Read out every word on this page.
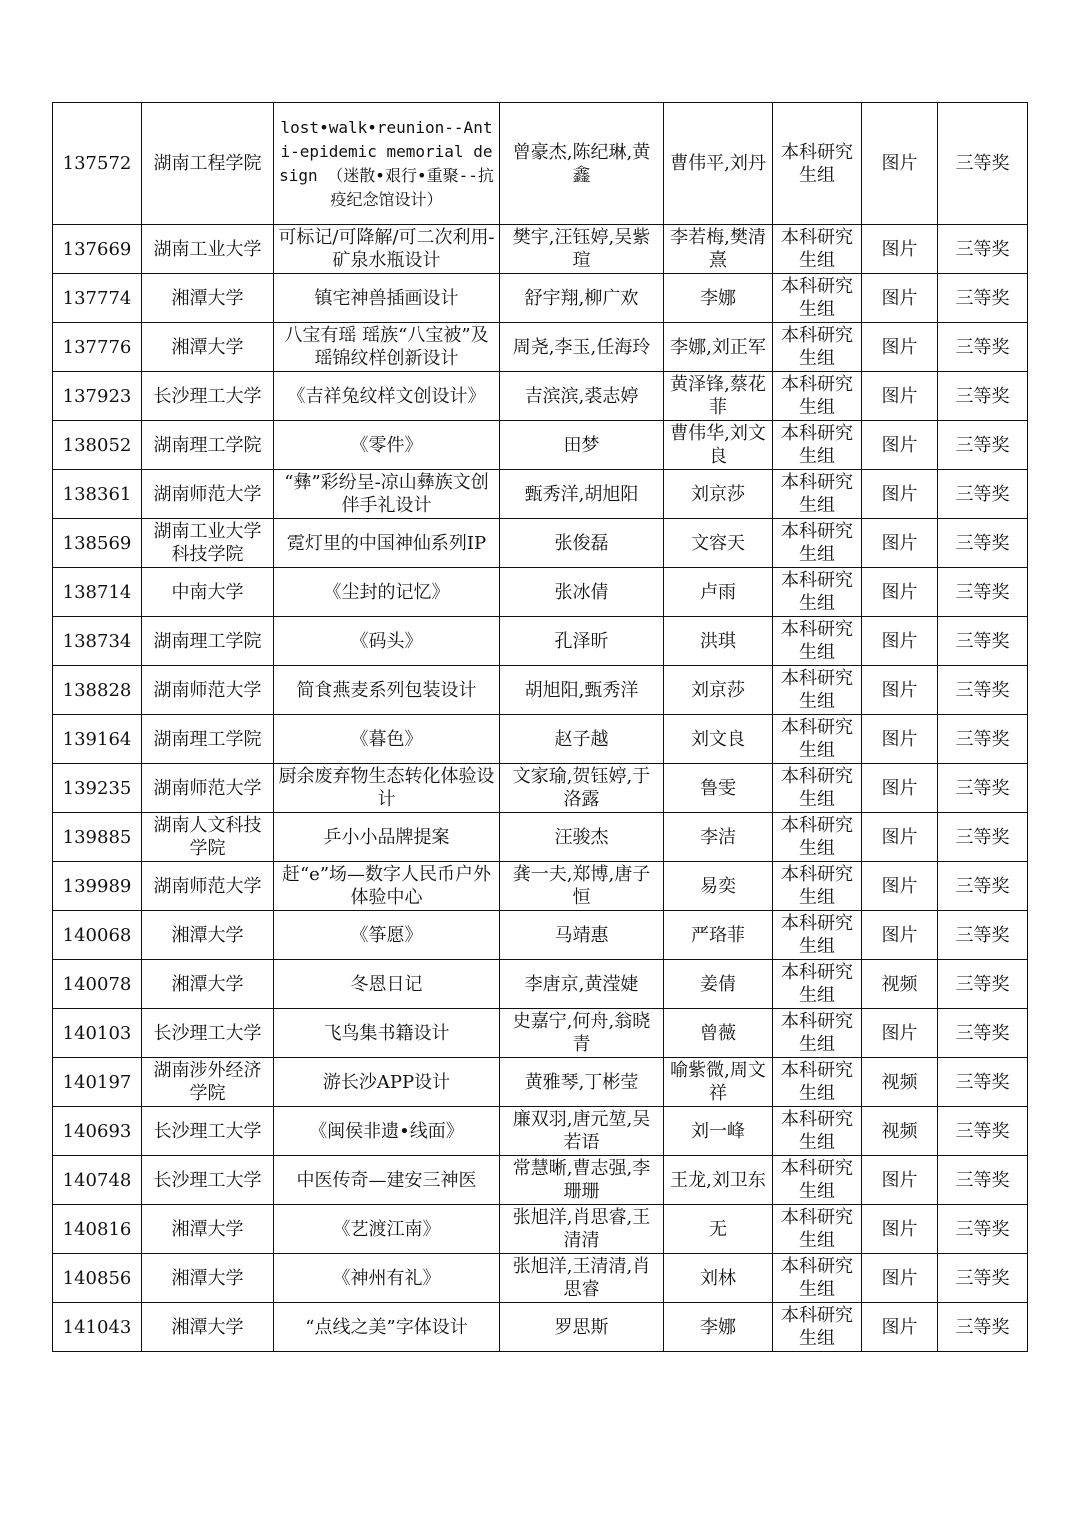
137572	湖南工程学院	lost•walk•reunion--Anti-epidemic memorial design （迷散•艰行•重聚--抗疫纪念馆设计）	曾豪杰,陈纪琳,黄鑫	曹伟平,刘丹	本科研究生组	图片	三等奖
137669	湖南工业大学	可标记/可降解/可二次利用-矿泉水瓶设计	樊宇,汪钰婷,吴紫瑄	李若梅,樊清熹	本科研究生组	图片	三等奖
137774	湘潭大学	镇宅神兽插画设计	舒宇翔,柳广欢	李娜	本科研究生组	图片	三等奖
137776	湘潭大学	八宝有瑶 瑶族“八宝被”及瑶锦纹样创新设计	周尧,李玉,任海玲	李娜,刘正军	本科研究生组	图片	三等奖
137923	长沙理工大学	《吉祥兔纹样文创设计》	吉滨滨,裘志婷	黄泽锋,蔡花菲	本科研究生组	图片	三等奖
138052	湖南理工学院	《零件》	田梦	曹伟华,刘文良	本科研究生组	图片	三等奖
138361	湖南师范大学	“彝”彩纷呈-凉山彝族文创伴手礼设计	甄秀洋,胡旭阳	刘京莎	本科研究生组	图片	三等奖
138569	湖南工业大学科技学院	霓灯里的中国神仙系列IP	张俊磊	文容天	本科研究生组	图片	三等奖
138714	中南大学	《尘封的记忆》	张冰倩	卢雨	本科研究生组	图片	三等奖
138734	湖南理工学院	《码头》	孔泽昕	洪琪	本科研究生组	图片	三等奖
138828	湖南师范大学	简食燕麦系列包装设计	胡旭阳,甄秀洋	刘京莎	本科研究生组	图片	三等奖
139164	湖南理工学院	《暮色》	赵子越	刘文良	本科研究生组	图片	三等奖
139235	湖南师范大学	厨余废弃物生态转化体验设计	文家瑜,贺钰婷,于洛露	鲁雯	本科研究生组	图片	三等奖
139885	湖南人文科技学院	乒小小品牌提案	汪骏杰	李洁	本科研究生组	图片	三等奖
139989	湖南师范大学	赶“e”场—数字人民币户外体验中心	龚一夫,郑博,唐子恒	易奕	本科研究生组	图片	三等奖
140068	湘潭大学	《筝愿》	马靖惠	严珞菲	本科研究生组	图片	三等奖
140078	湘潭大学	冬恩日记	李唐京,黄滢婕	姜倩	本科研究生组	视频	三等奖
140103	长沙理工大学	飞鸟集书籍设计	史嘉宁,何舟,翁晓青	曾薇	本科研究生组	图片	三等奖
140197	湖南涉外经济学院	游长沙APP设计	黄雅琴,丁彬莹	喻紫微,周文祥	本科研究生组	视频	三等奖
140693	长沙理工大学	《闽侯非遗•线面》	廉双羽,唐元堃,吴若语	刘一峰	本科研究生组	视频	三等奖
140748	长沙理工大学	中医传奇—建安三神医	常慧晰,曹志强,李珊珊	王龙,刘卫东	本科研究生组	图片	三等奖
140816	湘潭大学	《艺渡江南》	张旭洋,肖思睿,王清清	无	本科研究生组	图片	三等奖
140856	湘潭大学	《神州有礼》	张旭洋,王清清,肖思睿	刘林	本科研究生组	图片	三等奖
141043	湘潭大学	“点线之美”字体设计	罗思斯	李娜	本科研究生组	图片	三等奖
